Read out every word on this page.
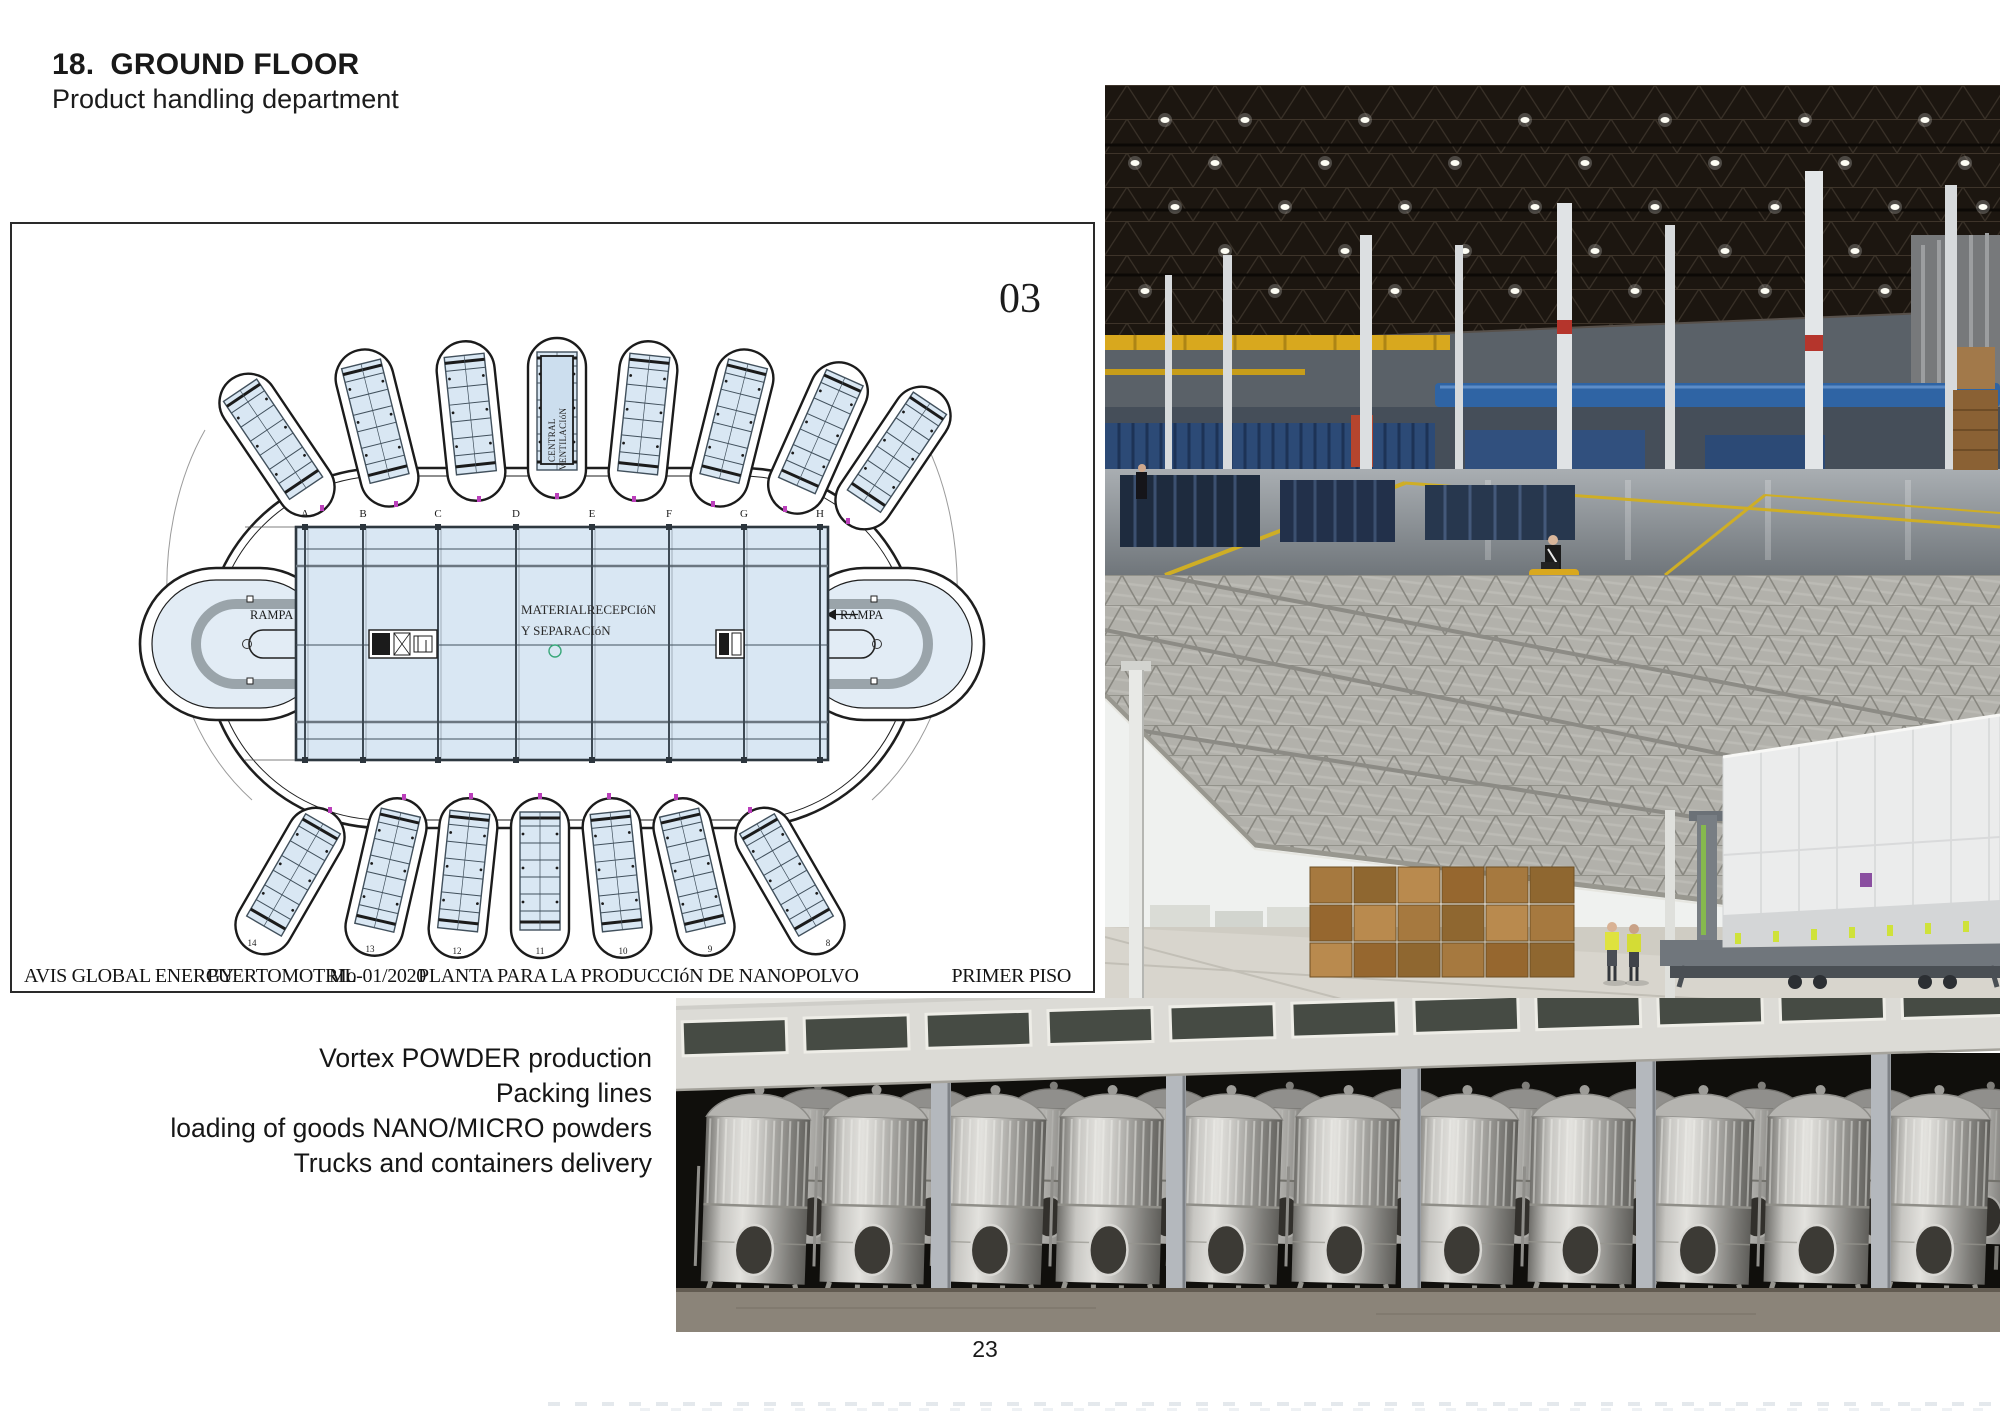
18. GROUND FLOOR
Product handling department
MATERIALRECEPCIóN
Y SEPARACIóN
RAMPA	RAMPA
CENTRAL VENTILACIóN
A	B	C	D	E	F	G	H
14
13	12	11	10	9
8
03
AVIS GLOBAL ENERGY
PUERTOMOTRIL
Mo-01/2020
PLANTA PARA LA PRODUCCIóN DE NANOPOLVO	PRIMER PISO
Vortex POWDER production
Packing lines
loading of goods NANO/MICRO powders
Trucks and containers delivery
23
